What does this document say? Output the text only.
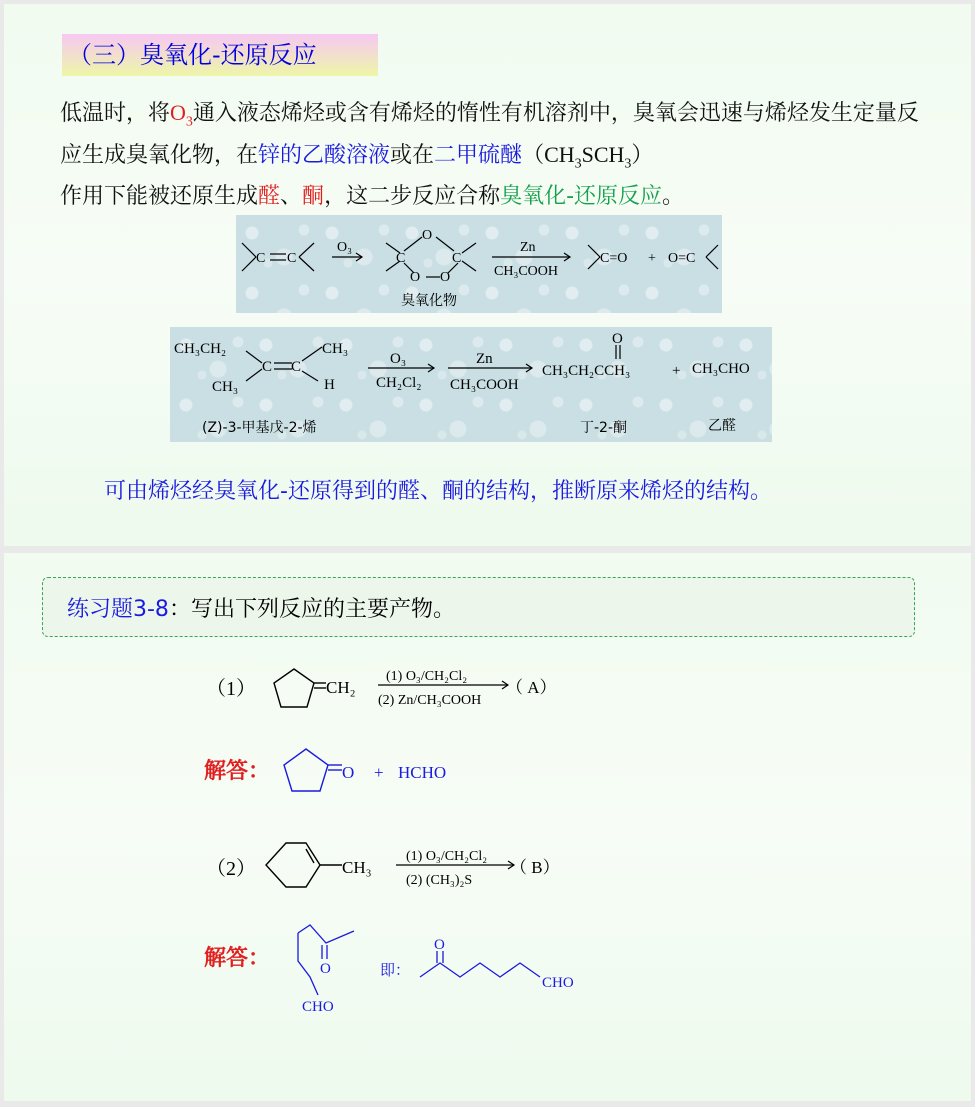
（三）臭氧化-还原反应

低温时，将$O_3$通入液态烯烃或含有烯烃的惰性有机溶剂中，臭氧会迅速与烯烃发生定量反应生成臭氧化物，在锌的乙酸溶液或在二甲硫醚$(CH_3SCH_3)$
作用下能被还原生成醛、酮，这二步反应合称臭氧化-还原反应。

C C
O₃
C
O
C
O O
臭氧化物
Zn
CH₃COOH
C=O + O=C
CH₃CH₂
CH₃
C C
CH₃
H
O₃
CH₂Cl₂
Zn
CH₃COOH
O
CH₃CH₂CCH₃	+ CH₃CHO
(Z)-3-甲基戊-2-烯	丁-2-酮	乙醛
可由烯烃经臭氧化-还原得到的醛、酮的结构，推断原来烯烃的结构。
练习题3-8：写出下列反应的主要产物。
（1）	CH₂
(1) O₃/CH₂Cl₂
(2) Zn/CH₃COOH
（ A）
解答：	O + HCHO
（2）	CH₃
(1) O₃/CH₂Cl₂
(2) (CH₃)₂S
（ B）
解答：	O
CHO
即：
O
CHO
